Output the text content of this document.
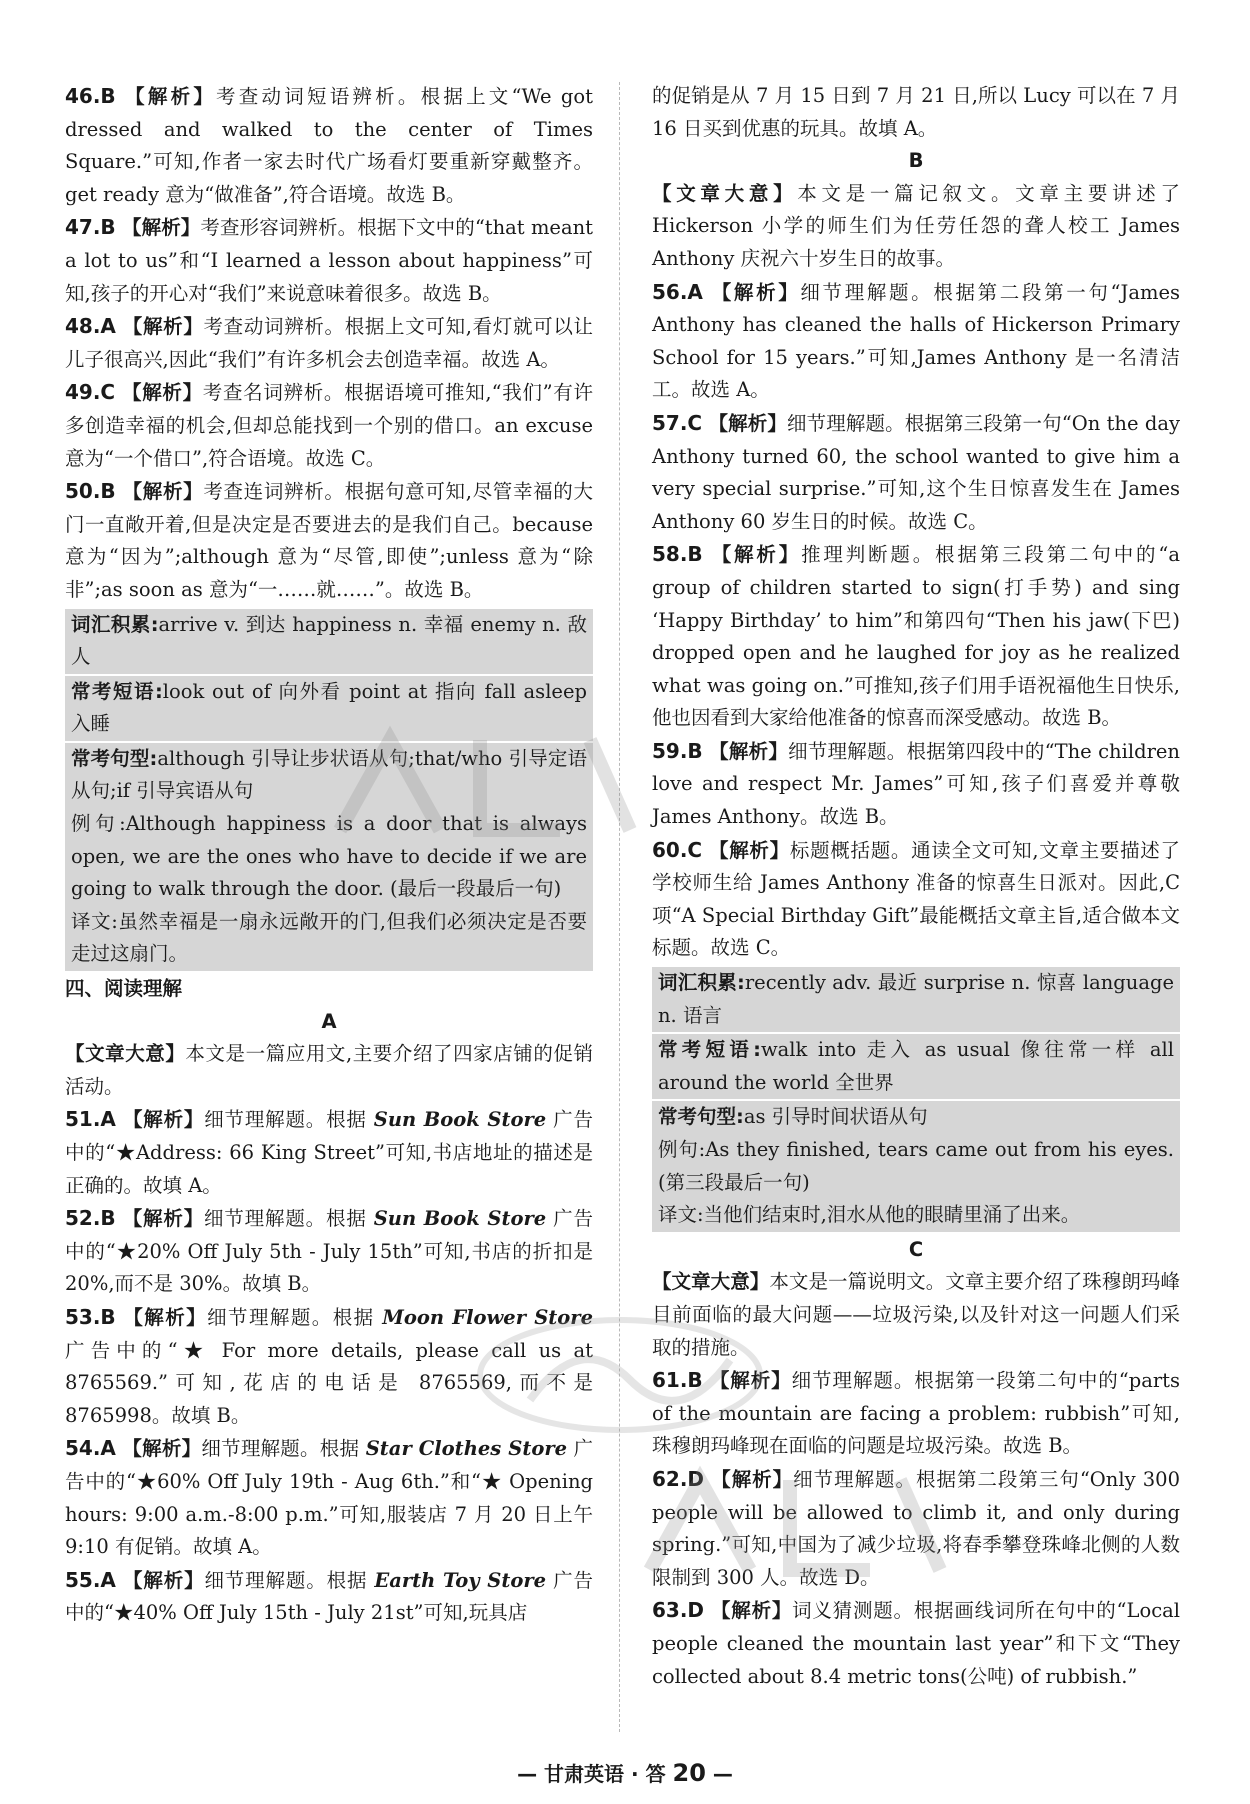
46.B 【解析】考查动词短语辨析。根据上文“We got dressed and walked to the center of Times Square.”可知,作者一家去时代广场看灯要重新穿戴整齐。get ready 意为“做准备”,符合语境。故选 B。

47.B 【解析】考查形容词辨析。根据下文中的“that meant a lot to us”和“I learned a lesson about happiness”可知,孩子的开心对“我们”来说意味着很多。故选 B。

48.A 【解析】考查动词辨析。根据上文可知,看灯就可以让儿子很高兴,因此“我们”有许多机会去创造幸福。故选 A。

49.C 【解析】考查名词辨析。根据语境可推知,“我们”有许多创造幸福的机会,但却总能找到一个别的借口。an excuse 意为“一个借口”,符合语境。故选 C。

50.B 【解析】考查连词辨析。根据句意可知,尽管幸福的大门一直敞开着,但是决定是否要进去的是我们自己。because 意为“因为”;although 意为“尽管,即使”;unless 意为“除非”;as soon as 意为“一……就……”。故选 B。

词汇积累:arrive v. 到达 happiness n. 幸福 enemy n. 敌人

常考短语:look out of 向外看 point at 指向 fall asleep 入睡

常考句型:although 引导让步状语从句;that/who 引导定语从句;if 引导宾语从句

例句:Although happiness is a door that is always open, we are the ones who have to decide if we are going to walk through the door. (最后一段最后一句)

译文:虽然幸福是一扇永远敞开的门,但我们必须决定是否要走过这扇门。

四、阅读理解

A

【文章大意】本文是一篇应用文,主要介绍了四家店铺的促销活动。

51.A 【解析】细节理解题。根据 Sun Book Store 广告中的“★Address: 66 King Street”可知,书店地址的描述是正确的。故填 A。

52.B 【解析】细节理解题。根据 Sun Book Store 广告中的“★20% Off July 5th - July 15th”可知,书店的折扣是 20%,而不是 30%。故填 B。

53.B 【解析】细节理解题。根据 Moon Flower Store 广告中的“★ For more details, please call us at 8765569.”可知,花店的电话是 8765569,而不是 8765998。故填 B。

54.A 【解析】细节理解题。根据 Star Clothes Store 广告中的“★60% Off July 19th - Aug 6th.”和“★ Opening hours: 9:00 a.m.-8:00 p.m.”可知,服装店 7 月 20 日上午 9:10 有促销。故填 A。

55.A 【解析】细节理解题。根据 Earth Toy Store 广告中的“★40% Off July 15th - July 21st”可知,玩具店

的促销是从 7 月 15 日到 7 月 21 日,所以 Lucy 可以在 7 月 16 日买到优惠的玩具。故填 A。

B

【文章大意】本文是一篇记叙文。文章主要讲述了 Hickerson 小学的师生们为任劳任怨的聋人校工 James Anthony 庆祝六十岁生日的故事。

56.A 【解析】细节理解题。根据第二段第一句“James Anthony has cleaned the halls of Hickerson Primary School for 15 years.”可知,James Anthony 是一名清洁工。故选 A。

57.C 【解析】细节理解题。根据第三段第一句“On the day Anthony turned 60, the school wanted to give him a very special surprise.”可知,这个生日惊喜发生在 James Anthony 60 岁生日的时候。故选 C。

58.B 【解析】推理判断题。根据第三段第二句中的“a group of children started to sign(打手势) and sing ‘Happy Birthday’ to him”和第四句“Then his jaw(下巴) dropped open and he laughed for joy as he realized what was going on.”可推知,孩子们用手语祝福他生日快乐,他也因看到大家给他准备的惊喜而深受感动。故选 B。

59.B 【解析】细节理解题。根据第四段中的“The children love and respect Mr. James”可知,孩子们喜爱并尊敬 James Anthony。故选 B。

60.C 【解析】标题概括题。通读全文可知,文章主要描述了学校师生给 James Anthony 准备的惊喜生日派对。因此,C 项“A Special Birthday Gift”最能概括文章主旨,适合做本文标题。故选 C。

词汇积累:recently adv. 最近 surprise n. 惊喜 language n. 语言

常考短语:walk into 走入 as usual 像往常一样 all around the world 全世界

常考句型:as 引导时间状语从句

例句:As they finished, tears came out from his eyes. (第三段最后一句)

译文:当他们结束时,泪水从他的眼睛里涌了出来。

C

【文章大意】本文是一篇说明文。文章主要介绍了珠穆朗玛峰目前面临的最大问题——垃圾污染,以及针对这一问题人们采取的措施。

61.B 【解析】细节理解题。根据第一段第二句中的“parts of the mountain are facing a problem: rubbish”可知,珠穆朗玛峰现在面临的问题是垃圾污染。故选 B。

62.D 【解析】细节理解题。根据第二段第三句“Only 300 people will be allowed to climb it, and only during spring.”可知,中国为了减少垃圾,将春季攀登珠峰北侧的人数限制到 300 人。故选 D。

63.D 【解析】词义猜测题。根据画线词所在句中的“Local people cleaned the mountain last year”和下文“They collected about 8.4 metric tons(公吨) of rubbish.”

— 甘肃英语 · 答 20 —
